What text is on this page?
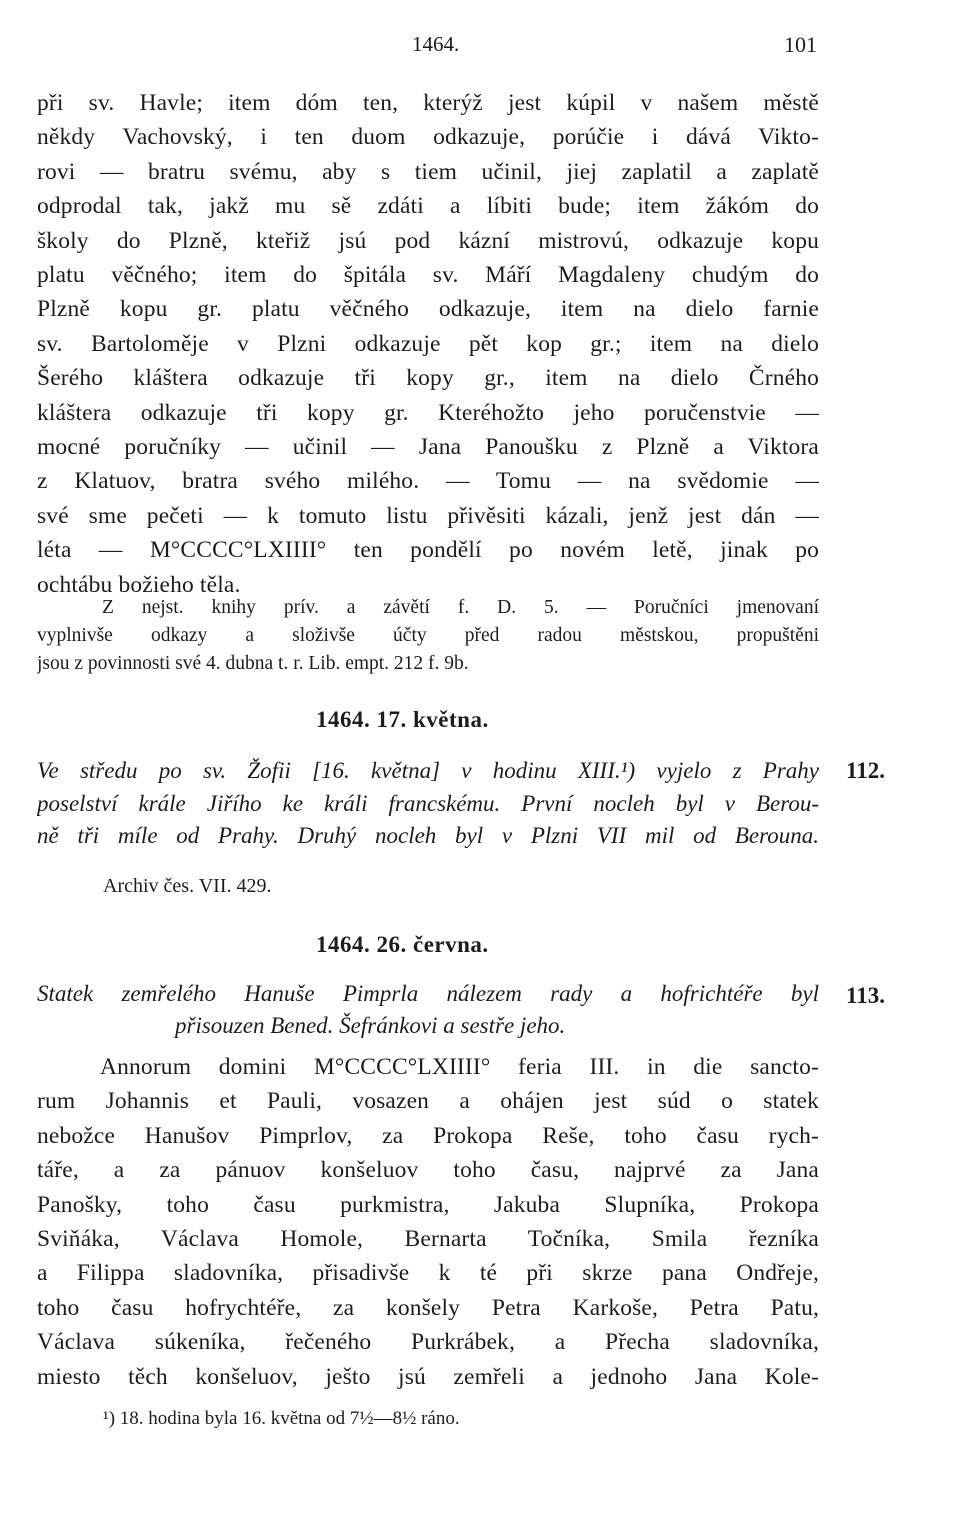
1464.	101
při sv. Havle; item dóm ten, kterýž jest kúpil v našem městě
někdy Vachovský, i ten duom odkazuje, porúčie i dává Vikto-
rovi — bratru svému, aby s tiem učinil, jiej zaplatil a zaplatě
odprodal tak, jakž mu sě zdáti a líbiti bude; item žákóm do
školy do Plzně, kteřiž jsú pod kázní mistrovú, odkazuje kopu
platu věčného; item do špitála sv. Máří Magdaleny chudým do
Plzně kopu gr. platu věčného odkazuje, item na dielo farnie
sv. Bartoloměje v Plzni odkazuje pět kop gr.; item na dielo
Šerého kláštera odkazuje tři kopy gr., item na dielo Črného
kláštera odkazuje tři kopy gr. Kteréhožto jeho poručenstvie —
mocné poručníky — učinil — Jana Panoušku z Plzně a Viktora
z Klatuov, bratra svého milého. — Tomu — na svědomie —
své sme pečeti — k tomuto listu přivěsiti kázali, jenž jest dán —
léta — M°CCCC°LXIIII° ten pondělí po novém letě, jinak po
ochtábu božieho těla.
Z nejst. knihy prív. a závětí f. D. 5. — Poručníci jmenovaní
vyplnivše odkazy a složivše účty před radou městskou, propuštěni
jsou z povinnosti své 4. dubna t. r. Lib. empt. 212 f. 9b.
1464. 17. května.
112.
Ve středu po sv. Žofii [16. května] v hodinu XIII.¹) vyjelo z Prahy
poselství krále Jiřího ke králi francskému. První nocleh byl v Berou-
ně tři míle od Prahy. Druhý nocleh byl v Plzni VII mil od Berouna.
Archiv čes. VII. 429.
1464. 26. června.
113.
Statek zemřelého Hanuše Pimprla nálezem rady a hofrichtéře byl
přisouzen Bened. Šefránkovi a sestře jeho.
Annorum domini M°CCCC°LXIIII° feria III. in die sancto-
rum Johannis et Pauli, vosazen a ohájen jest súd o statek
nebožce Hanušov Pimprlov, za Prokopa Reše, toho času rych-
tářе, a za pánuov konšeluov toho času, najprvé za Jana
Panošky, toho času purkmistra, Jakuba Slupníka, Prokopa
Sviňáka, Václava Homole, Bernarta Točníka, Smila řezníka
a Filippa sladovníka, přisadivše k té při skrze pana Ondřeje,
toho času hofrychtéřе, za konšely Petra Karkoše, Petra Patu,
Václava súkeníka, řečeného Purkrábek, a Přecha sladovníka,
miesto těch konšeluov, ješto jsú zemřeli a jednoho Jana Kole-
¹) 18. hodina byla 16. května od 7½—8½ ráno.
